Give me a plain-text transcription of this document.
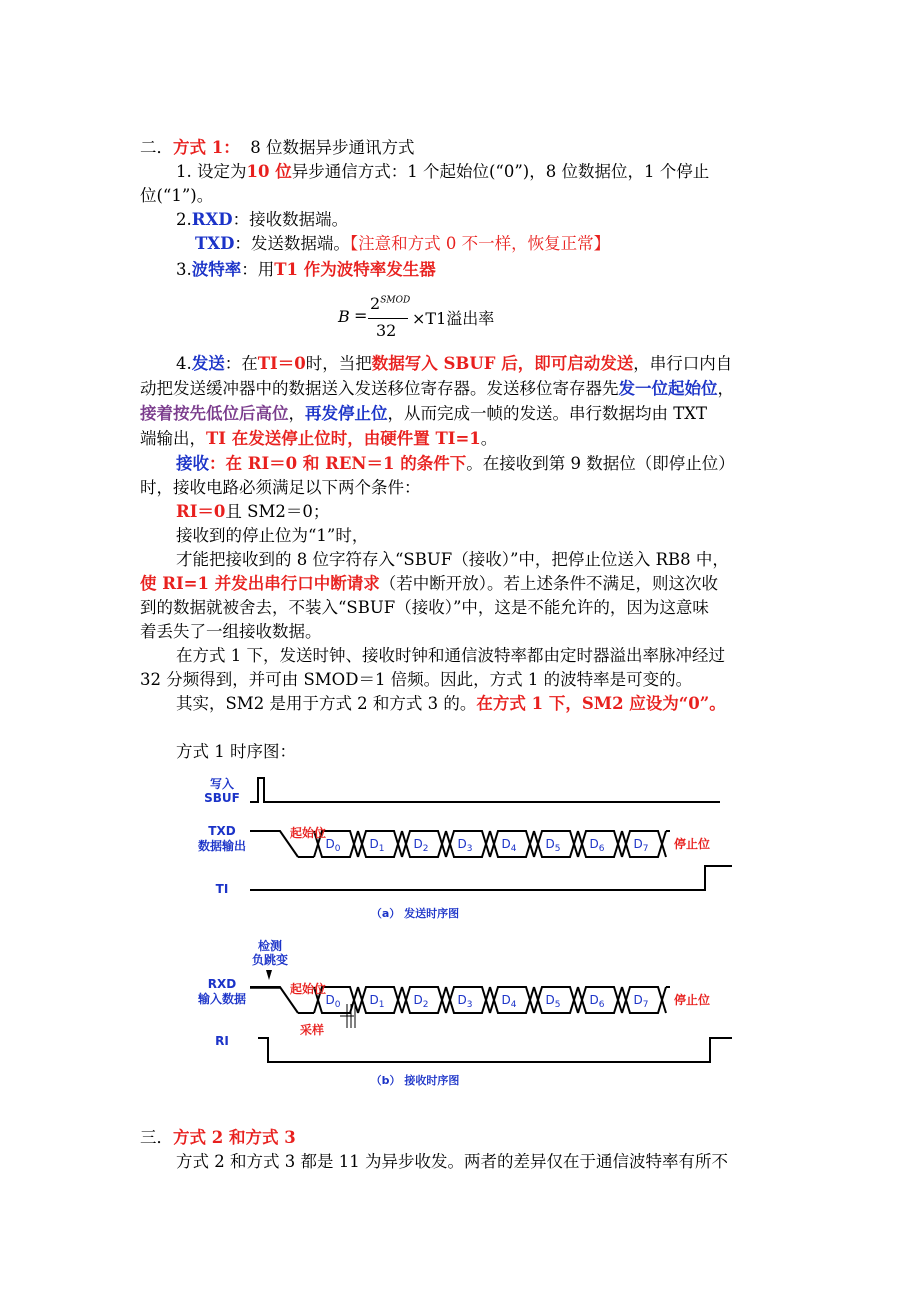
二．方式 1： 8 位数据异步通讯方式
1. 设定为10 位异步通信方式：1 个起始位(“0”)，8 位数据位，1 个停止
位(“1”)。
2.RXD：接收数据端。
TXD：发送数据端。【注意和方式 0 不一样，恢复正常】
3.波特率：用T1 作为波特率发生器
B =
$2^{SMOD}$
32
×T1溢出率
4.发送：在TI＝0时，当把数据写入 SBUF 后，即可启动发送，串行口内自
动把发送缓冲器中的数据送入发送移位寄存器。发送移位寄存器先发一位起始位，
接着按先低位后高位，再发停止位，从而完成一帧的发送。串行数据均由 TXT
端输出，TI 在发送停止位时，由硬件置 TI=1。
接收：在 RI＝0 和 REN＝1 的条件下。在接收到第 9 数据位（即停止位）
时，接收电路必须满足以下两个条件：
RI＝0且 SM2＝0；
接收到的停止位为“1”时，
才能把接收到的 8 位字符存入“SBUF（接收）”中，把停止位送入 RB8 中，
使 RI=1 并发出串行口中断请求（若中断开放）。若上述条件不满足，则这次收
到的数据就被舍去，不装入“SBUF（接收）”中，这是不能允许的，因为这意味
着丢失了一组接收数据。
在方式 1 下，发送时钟、接收时钟和通信波特率都由定时器溢出率脉冲经过
32 分频得到，并可由 SMOD＝1 倍频。因此，方式 1 的波特率是可变的。
其实，SM2 是用于方式 2 和方式 3 的。在方式 1 下，SM2 应设为“0”。
方式 1 时序图：
写入
SBUF
TXD
数据输出
TI
（a） 发送时序图
检测
负跳变
RXD
输入数据
采样
RI
（b） 接收时序图
起始位
$D_0$ $D_1$ $D_2$ $D_3$ $D_4$ $D_5$ $D_6$ $D_7$ 停止位
起始位
$D_0$ $D_1$ $D_2$ $D_3$ $D_4$ $D_5$ $D_6$ $D_7$ 停止位
三．方式 2 和方式 3
方式 2 和方式 3 都是 11 为异步收发。两者的差异仅在于通信波特率有所不
